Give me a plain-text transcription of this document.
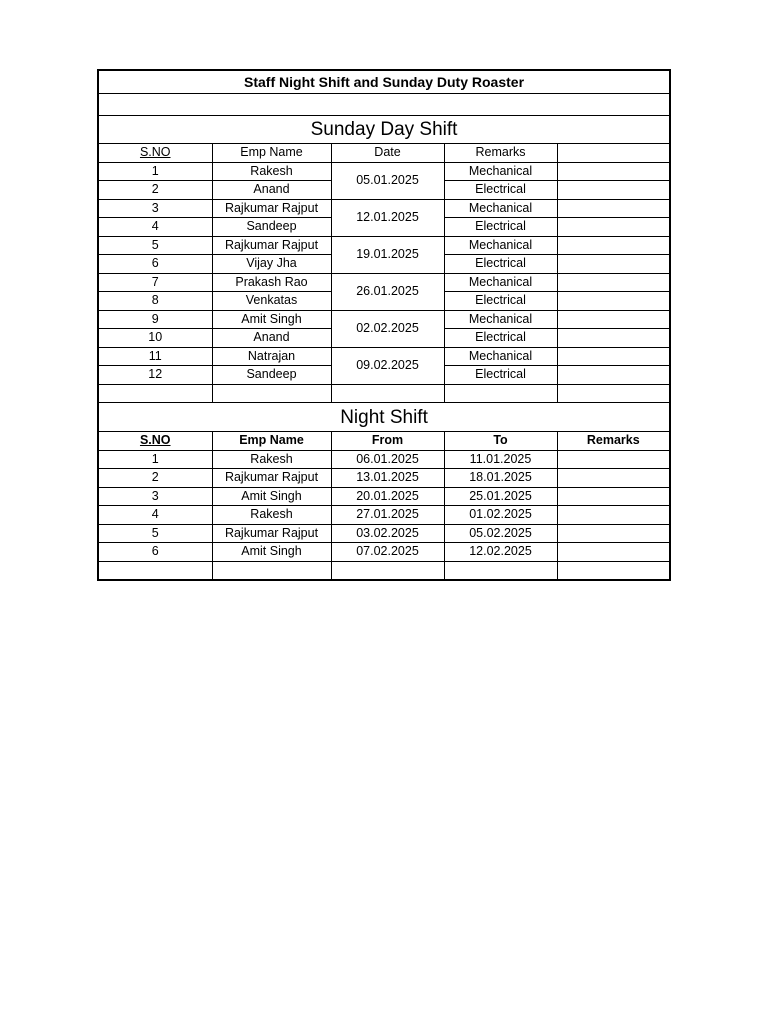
Staff Night Shift and Sunday Duty Roaster				

Sunday Day Shift				
S.NO	Emp Name	Date	Remarks	
1	Rakesh	05.01.2025	Mechanical	
2	Anand		Electrical	
3	Rajkumar Rajput	12.01.2025	Mechanical	
4	Sandeep		Electrical	
5	Rajkumar Rajput	19.01.2025	Mechanical	
6	Vijay Jha		Electrical	
7	Prakash Rao	26.01.2025	Mechanical	
8	Venkatas		Electrical	
9	Amit Singh	02.02.2025	Mechanical	
10	Anand		Electrical	
11	Natrajan	09.02.2025	Mechanical	
12	Sandeep		Electrical	

Night Shift				
S.NO	Emp Name	From	To	Remarks
1	Rakesh	06.01.2025	11.01.2025	
2	Rajkumar Rajput	13.01.2025	18.01.2025	
3	Amit Singh	20.01.2025	25.01.2025	
4	Rakesh	27.01.2025	01.02.2025	
5	Rajkumar Rajput	03.02.2025	05.02.2025	
6	Amit Singh	07.02.2025	12.02.2025	
